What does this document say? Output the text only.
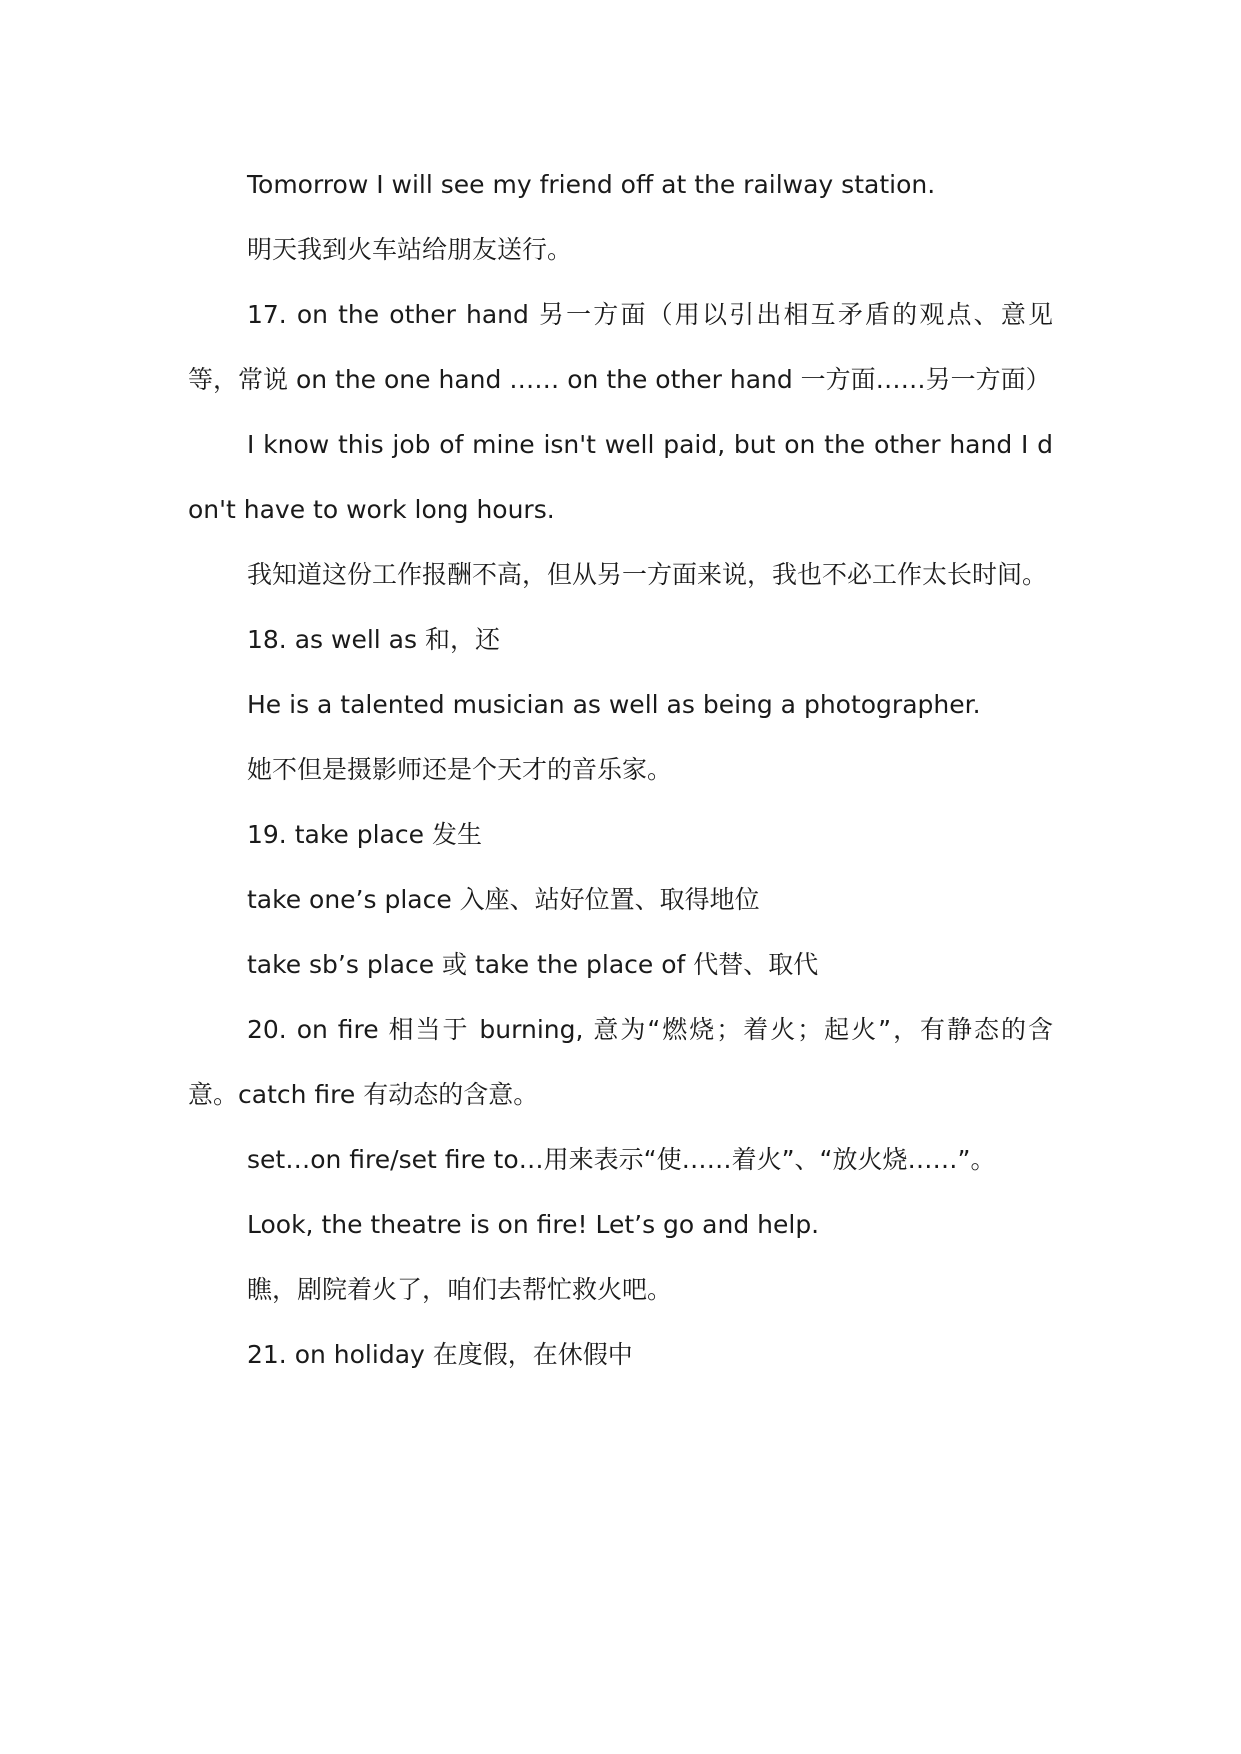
Tomorrow I will see my friend off at the railway station.

明天我到火车站给朋友送行。

17. on the other hand 另一方面（用以引出相互矛盾的观点、意见等，常说 on the one hand …… on the other hand 一方面……另一方面）

I know this job of mine isn't well paid, but on the other hand I don't have to work long hours.

我知道这份工作报酬不高，但从另一方面来说，我也不必工作太长时间。

18. as well as 和，还

He is a talented musician as well as being a photographer.

她不但是摄影师还是个天才的音乐家。

19. take place 发生

take one’s place 入座、站好位置、取得地位

take sb’s place 或 take the place of 代替、取代

20. on fire 相当于 burning, 意为“燃烧；着火；起火”，有静态的含意。catch fire 有动态的含意。

set…on fire/set fire to…用来表示“使……着火”、“放火烧……”。

Look, the theatre is on fire! Let’s go and help.

瞧，剧院着火了，咱们去帮忙救火吧。

21. on holiday 在度假，在休假中
